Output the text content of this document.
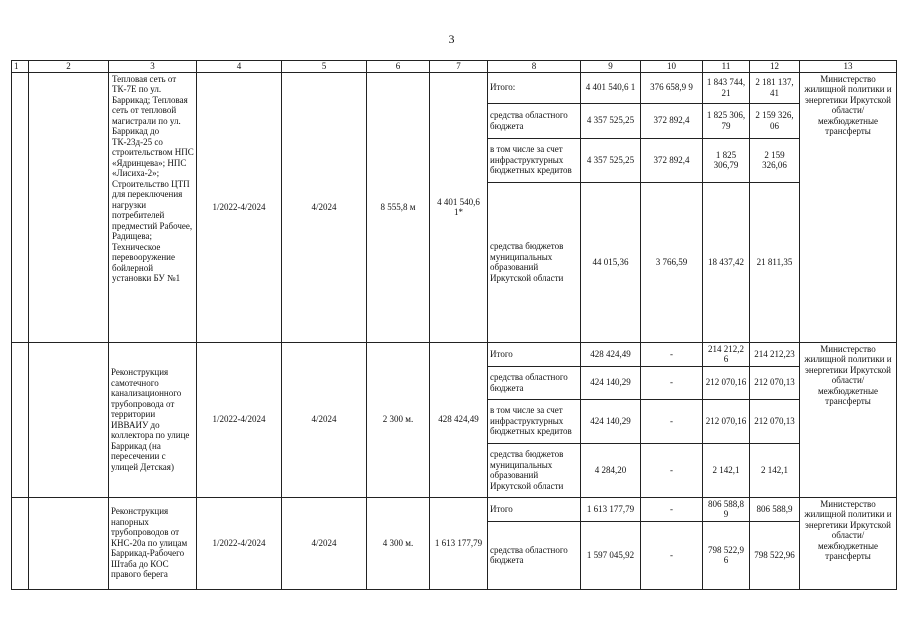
3
1	2	3	4	5	6	7	8	9	10	11	12	13
		Тепловая сеть от ТК-7Е по ул. Баррикад; Тепловая сеть от тепловой магистрали по ул. Баррикад до ТК-23д-25 со строительством НПС «Ядринцева»; НПС «Лисиха-2»; Строительство ЦТП для переключения нагрузки потребителей предместий Рабочее, Радищева; Техническое перевооружение бойлерной установки БУ №1	1/2022-4/2024	4/2024	8 555,8 м	4 401 540,6 1*	Итого:	4 401 540,6 1	376 658,9 9	1 843 744, 21	2 181 137, 41	Министерство жилищной политики и энергетики Иркутской области/ межбюджетные трансферты
							средства областного бюджета	4 357 525,25	372 892,4	1 825 306, 79	2 159 326, 06	
							в том числе за счет инфраструктурных бюджетных кредитов	4 357 525,25	372 892,4	1 825 306,79	2 159 326,06	
							средства бюджетов муниципальных образований Иркутской области	44 015,36	3 766,59	18 437,42	21 811,35	
		Реконструкция самотечного канализационного трубопровода от территории ИВВАИУ до коллектора по улице Баррикад (на пересечении с улицей Детская)	1/2022-4/2024	4/2024	2 300 м.	428 424,49	Итого	428 424,49	-	214 212,2 6	214 212,23	Министерство жилищной политики и энергетики Иркутской области/ межбюджетные трансферты
							средства областного бюджета	424 140,29	-	212 070,16	212 070,13	
							в том числе за счет инфраструктурных бюджетных кредитов	424 140,29	-	212 070,16	212 070,13	
							средства бюджетов муниципальных образований Иркутской области	4 284,20	-	2 142,1	2 142,1	
		Реконструкция напорных трубопроводов от КНС-20а по улицам Баррикад-Рабочего Штаба до КОС правого берега	1/2022-4/2024	4/2024	4 300 м.	1 613 177,79	Итого	1 613 177,79	-	806 588,8 9	806 588,9	Министерство жилищной политики и энергетики Иркутской области/ межбюджетные трансферты
							средства областного бюджета	1 597 045,92	-	798 522,9 6	798 522,96	
